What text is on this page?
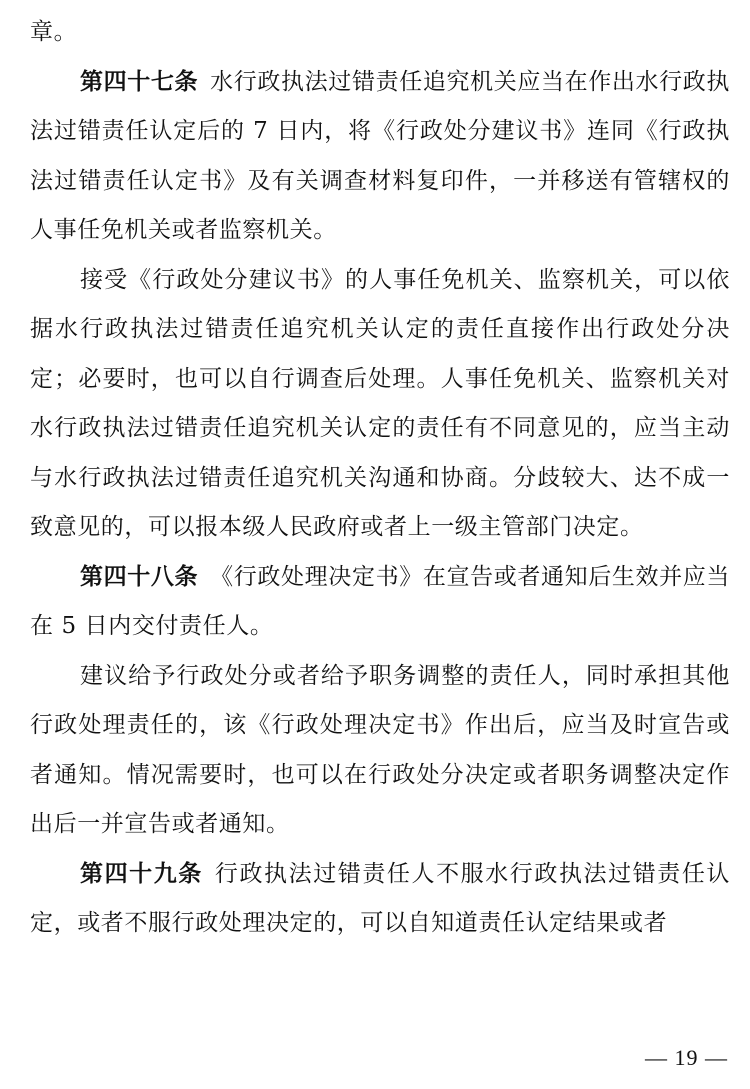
章。

第四十七条 水行政执法过错责任追究机关应当在作出水行政执法过错责任认定后的 7 日内，将《行政处分建议书》连同《行政执法过错责任认定书》及有关调查材料复印件，一并移送有管辖权的人事任免机关或者监察机关。

接受《行政处分建议书》的人事任免机关、监察机关，可以依据水行政执法过错责任追究机关认定的责任直接作出行政处分决定；必要时，也可以自行调查后处理。人事任免机关、监察机关对水行政执法过错责任追究机关认定的责任有不同意见的，应当主动与水行政执法过错责任追究机关沟通和协商。分歧较大、达不成一致意见的，可以报本级人民政府或者上一级主管部门决定。

第四十八条 《行政处理决定书》在宣告或者通知后生效并应当在 5 日内交付责任人。

建议给予行政处分或者给予职务调整的责任人，同时承担其他行政处理责任的，该《行政处理决定书》作出后，应当及时宣告或者通知。情况需要时，也可以在行政处分决定或者职务调整决定作出后一并宣告或者通知。

第四十九条 行政执法过错责任人不服水行政执法过错责任认定，或者不服行政处理决定的，可以自知道责任认定结果或者

— 19 —
